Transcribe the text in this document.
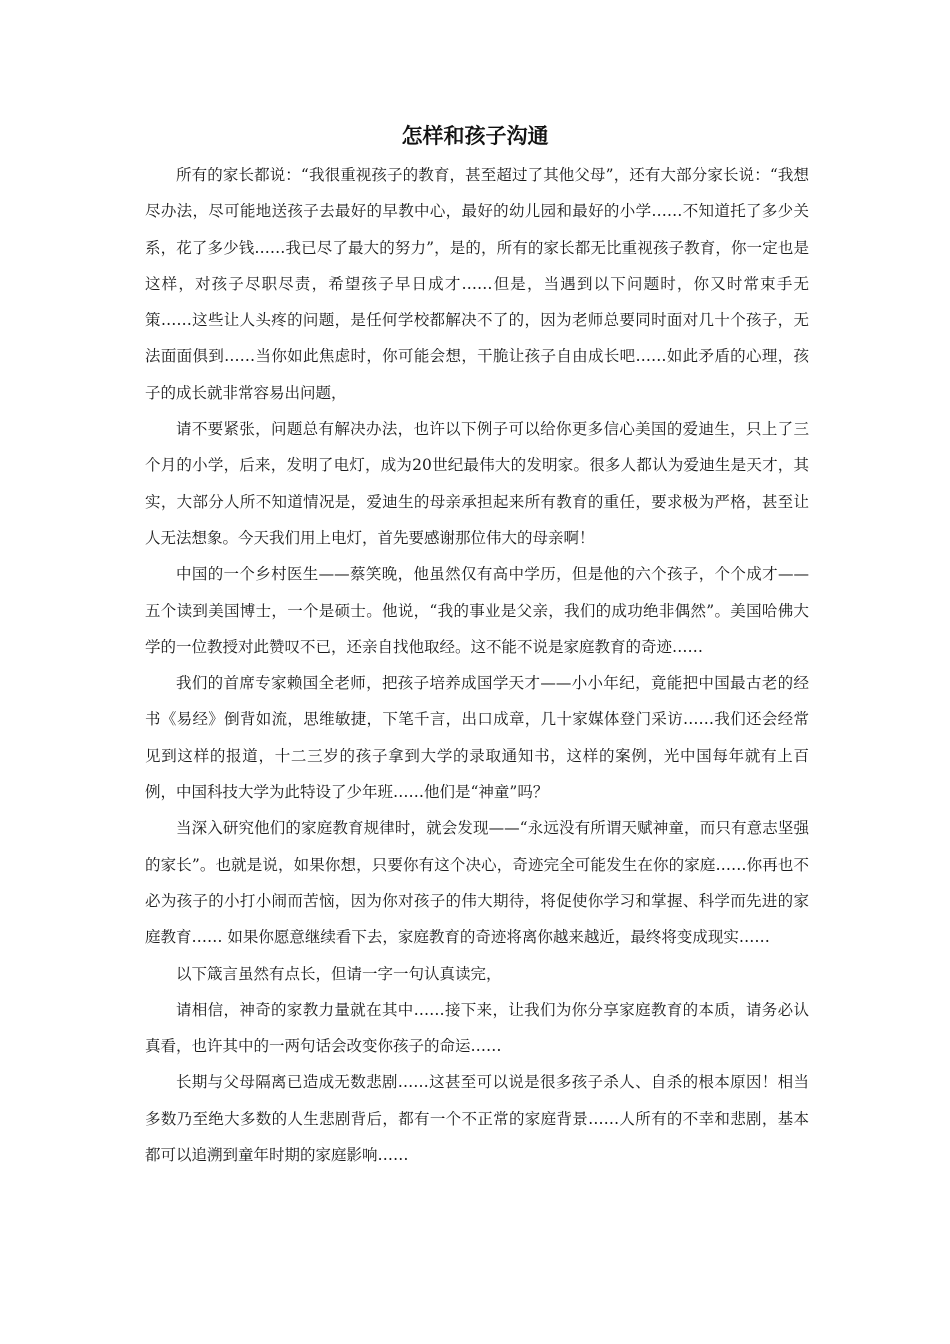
怎样和孩子沟通

所有的家长都说：“我很重视孩子的教育，甚至超过了其他父母”，还有大部分家长说：“我想尽办法，尽可能地送孩子去最好的早教中心，最好的幼儿园和最好的小学……不知道托了多少关系，花了多少钱……我已尽了最大的努力”，是的，所有的家长都无比重视孩子教育，你一定也是这样，对孩子尽职尽责，希望孩子早日成才……但是，当遇到以下问题时，你又时常束手无策……这些让人头疼的问题，是任何学校都解决不了的，因为老师总要同时面对几十个孩子，无法面面俱到……当你如此焦虑时，你可能会想，干脆让孩子自由成长吧……如此矛盾的心理，孩子的成长就非常容易出问题，

请不要紧张，问题总有解决办法，也许以下例子可以给你更多信心美国的爱迪生，只上了三个月的小学，后来，发明了电灯，成为20世纪最伟大的发明家。很多人都认为爱迪生是天才，其实，大部分人所不知道情况是，爱迪生的母亲承担起来所有教育的重任，要求极为严格，甚至让人无法想象。今天我们用上电灯，首先要感谢那位伟大的母亲啊！

中国的一个乡村医生——蔡笑晚，他虽然仅有高中学历，但是他的六个孩子，个个成才——五个读到美国博士，一个是硕士。他说，“我的事业是父亲，我们的成功绝非偶然”。美国哈佛大学的一位教授对此赞叹不已，还亲自找他取经。这不能不说是家庭教育的奇迹……

我们的首席专家赖国全老师，把孩子培养成国学天才——小小年纪，竟能把中国最古老的经书《易经》倒背如流，思维敏捷，下笔千言，出口成章，几十家媒体登门采访……我们还会经常见到这样的报道，十二三岁的孩子拿到大学的录取通知书，这样的案例，光中国每年就有上百例，中国科技大学为此特设了少年班……他们是“神童”吗？

当深入研究他们的家庭教育规律时，就会发现——“永远没有所谓天赋神童，而只有意志坚强的家长”。也就是说，如果你想，只要你有这个决心，奇迹完全可能发生在你的家庭……你再也不必为孩子的小打小闹而苦恼，因为你对孩子的伟大期待，将促使你学习和掌握、科学而先进的家庭教育…… 如果你愿意继续看下去，家庭教育的奇迹将离你越来越近，最终将变成现实……

以下箴言虽然有点长，但请一字一句认真读完，

请相信，神奇的家教力量就在其中……接下来，让我们为你分享家庭教育的本质，请务必认真看，也许其中的一两句话会改变你孩子的命运……

长期与父母隔离已造成无数悲剧……这甚至可以说是很多孩子杀人、自杀的根本原因！相当多数乃至绝大多数的人生悲剧背后，都有一个不正常的家庭背景……人所有的不幸和悲剧，基本都可以追溯到童年时期的家庭影响……
